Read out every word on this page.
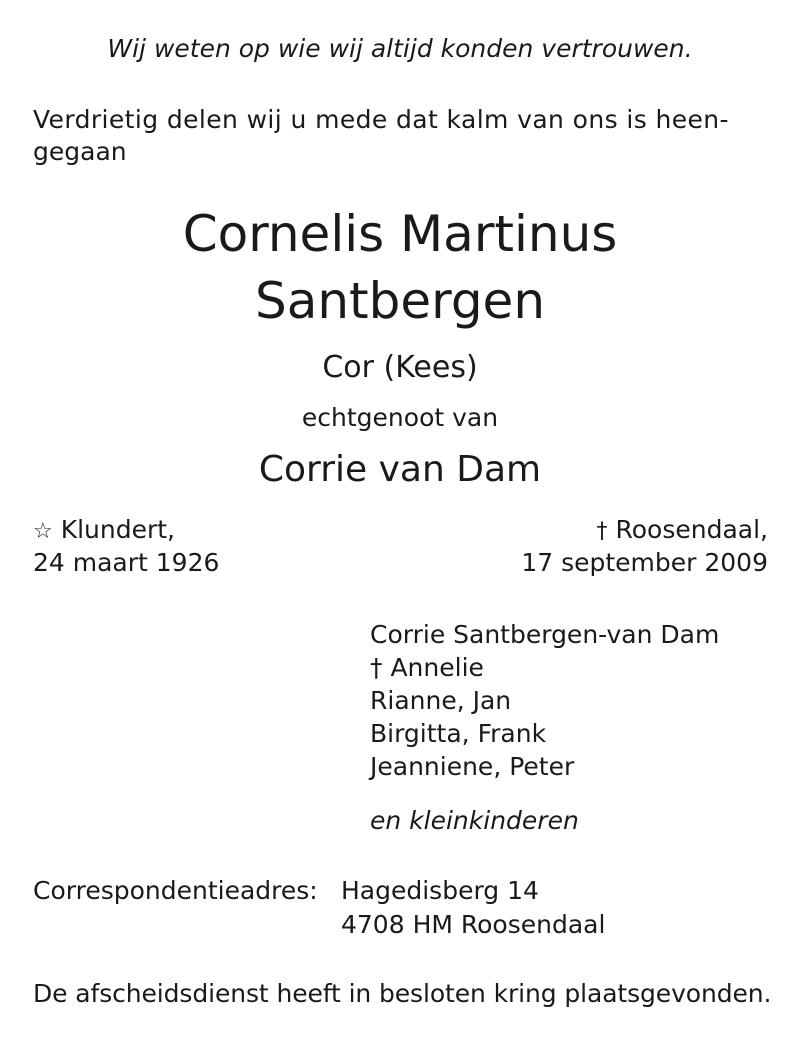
Wij weten op wie wij altijd konden vertrouwen.
Verdrietig delen wij u mede dat kalm van ons is heen-
gegaan
Cornelis Martinus
Santbergen
Cor (Kees)
echtgenoot van
Corrie van Dam
☆ Klundert,
24 maart 1926
† Roosendaal,
17 september 2009
Corrie Santbergen-van Dam
† Annelie
Rianne, Jan
Birgitta, Frank
Jeanniene, Peter
en kleinkinderen
Correspondentieadres: Hagedisberg 14
4708 HM Roosendaal
De afscheidsdienst heeft in besloten kring plaatsgevonden.
